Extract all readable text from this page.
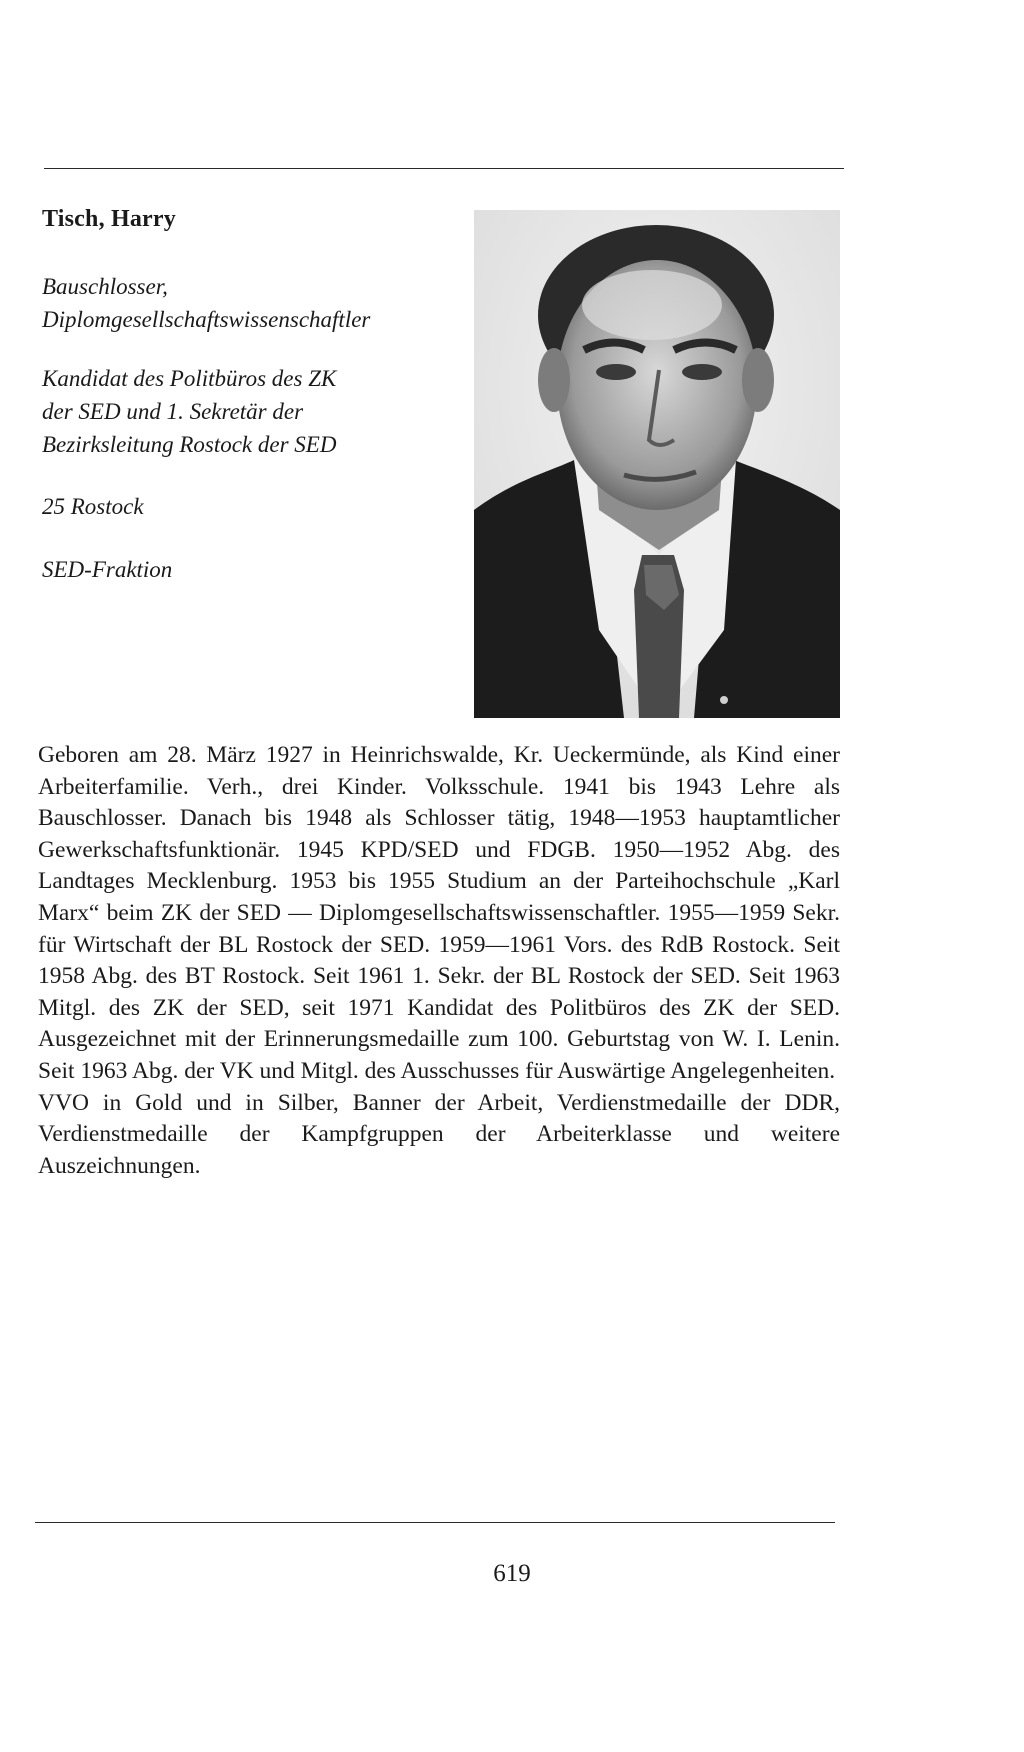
Tisch, Harry

Bauschlosser,
Diplomgesellschaftswissenschaftler

Kandidat des Politbüros des ZK
der SED und 1. Sekretär der
Bezirksleitung Rostock der SED

25 Rostock

SED-Fraktion

Geboren am 28. März 1927 in Heinrichswalde, Kr. Ueckermünde, als Kind einer Arbeiterfamilie. Verh., drei Kinder. Volksschule. 1941 bis 1943 Lehre als Bauschlosser. Danach bis 1948 als Schlosser tätig, 1948—1953 hauptamtlicher Gewerkschaftsfunktionär. 1945 KPD/SED und FDGB. 1950—1952 Abg. des Landtages Mecklenburg. 1953 bis 1955 Studium an der Parteihochschule „Karl Marx“ beim ZK der SED — Diplomgesellschaftswissenschaftler. 1955—1959 Sekr. für Wirtschaft der BL Rostock der SED. 1959—1961 Vors. des RdB Rostock. Seit 1958 Abg. des BT Rostock. Seit 1961 1. Sekr. der BL Rostock der SED. Seit 1963 Mitgl. des ZK der SED, seit 1971 Kandidat des Politbüros des ZK der SED. Ausgezeichnet mit der Erinnerungsmedaille zum 100. Geburtstag von W. I. Lenin. Seit 1963 Abg. der VK und Mitgl. des Ausschusses für Auswärtige Angelegenheiten.

VVO in Gold und in Silber, Banner der Arbeit, Verdienstmedaille der DDR, Verdienstmedaille der Kampfgruppen der Arbeiterklasse und weitere Auszeichnungen.

619
